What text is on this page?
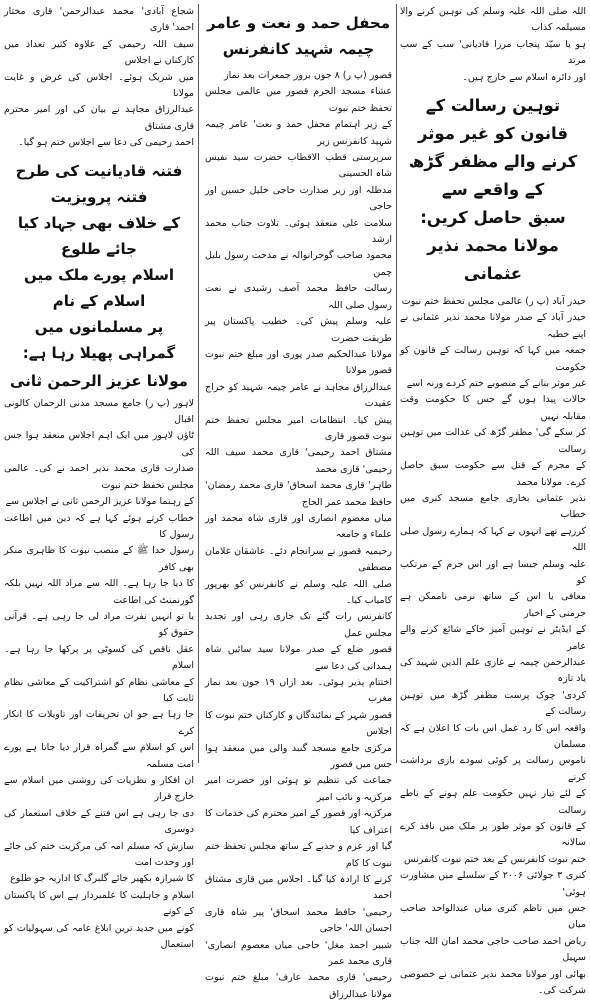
اللہ صلی اللہ علیہ وسلم کی توہین کرنے والا مسیلمہ کذاب
ہو یا سیّد پنجاب مرزا قادیانی' سب کے سب مرتد
اور دائرہ اسلام سے خارج ہیں۔

توہین رسالت کے قانون کو غیر موثر
کرنے والے مظفر گڑھ کے واقعے سے
سبق حاصل کریں: مولانا محمد نذیر عثمانی

حیدر آباد (پ ر) عالمی مجلس تحفظ ختم نبوت
حیدر آباد کے صدر مولانا محمد نذیر عثمانی نے اپنے خطبہ
جمعہ میں کہا کہ توہین رسالت کے قانون کو حکومت
غیر موثر بنانے کے منصوبے ختم کردے ورنہ اسے
حالات پیدا ہوں گے جس کا حکومت وقت مقابلہ نہیں
کر سکے گی' مظفر گڑھ کی عدالت میں توہین رسالت
کے مجرم کے قتل سے حکومت سبق حاصل کرے۔ مولانا محمد
نذیر عثمانی بخاری جامع مسجد کنری میں خطاب
کررہے تھے انہوں نے کہا کہ ہمارے رسول صلی اللہ
علیہ وسلم جیسا ہے اور اس جرم کے مرتکب کو
معافی یا اس کے ساتھ نرمی ناممکن ہے جرمنی کے اخبار
کے ایڈیٹر نے توہین آمیز خاکے شائع کرنے والے عامر
عبدالرحمن چیمہ نے غازی علم الدین شہید کی یاد تازہ
کردی' چوک پرست مظفر گڑھ میں توہین رسالت کے
واقعہ اس کا رد عمل اس بات کا اعلان ہے کہ مسلمان
ناموس رسالت پر کوئی سودے بازی برداشت کرنے
کے لئے تیار نہیں حکومت علم ہونے کے ناطے رسالت
کے قانون کو موثر طور پر ملک میں نافذ کرے سالانہ
ختم نبوت کانفرنس کے بعد ختم نبوت کانفرنس
کنری ۳ جولائی ۲۰۰۶ کے سلسلے میں مشاورت ہوئی'
جس میں ناظم کنری میاں عبدالواحد صاحب میاں
ریاض احمد صاحب حاجی محمد امان اللہ جناب سہیل
بھائی اور مولانا محمد نذیر عثمانی نے خصوصی شرکت کی۔

محفل حمد و نعت و عامر چیمہ شہید کانفرنس

قصور (پ ر) ۸ جون بروز جمعرات بعد نماز
عشاء مسجد الحرم قصور میں عالمی مجلس تحفظ ختم نبوت
کے زیر اہتمام محفل حمد و نعت' عامر چیمہ شہید کانفرنس زیر
سرپرستی قطب الاقطاب حضرت سید نفیس شاہ الحسینی
مدظلہ اور زیر صدارت حاجی خلیل حسین اور حاجی
سلامت علی منعقد ہوئی۔ تلاوت جناب محمد ارشد
محمود صاحب گوجرانوالہ نے مدحت رسول بلبل چمن
رسالت حافظ محمد آصف رشیدی نے نعت رسول صلی اللہ
علیہ وسلم پیش کی۔ خطیب پاکستان پیر طریقت حضرت
مولانا عبدالحکیم صدر پوری اور مبلغ ختم نبوت قصور مولانا
عبدالرزاق مجاہد نے عامر چیمہ شہید کو خراج عقیدت
پیش کیا۔ انتظامات امیر مجلس تحفظ ختم نبوت قصور قاری
مشتاق احمد رحیمی' قاری محمد سیف اللہ رحیمی' قاری محمد
طاہر' قاری محمد اسحاق' قاری محمد رمضان' حافظ محمد عمر الحاج
میاں معصوم انصاری اور قاری شاہ محمد اور علماء و جامعہ
رحیمیہ قصور نے سرانجام دئے۔ عاشقان غلامان مصطفی
صلی اللہ علیہ وسلم نے کانفرنس کو بھرپور کامیاب کیا۔
کانفرنس رات گئے تک جاری رہی اور تجدید مجلس عمل
قصور ضلع کے صدر مولانا سید سائیں شاہ ہمدانی کی دعا سے
اختتام پذیر ہوئی۔ بعد ازاں ۱۹ جون بعد نماز مغرب
قصور شہر کے نمائندگان و کارکنان ختم نبوت کا اجلاس
مرکزی جامع مسجد گنبد والی میں منعقد ہوا جس میں قصور
جماعت کی تنظیم نو ہوئی اور حضرت امیر مرکزیہ و نائب امیر
مرکزیہ اور قصور کے امیر محترم کی خدمات کا اعتراف کیا
گیا اور عزم و جذبے کے ساتھ مجلس تحفظ ختم نبوت کا کام
کرنے کا ارادہ کیا گیا۔ اجلاس میں قاری مشتاق احمد
رحیمی' حافظ محمد اسحاق' پیر شاہ قاری احسان اللہ' حاجی
شبیر احمد مغل' حاجی میاں معصوم انصاری' قاری محمد عمر
رحیمی' قاری محمد عارف' مبلغ ختم نبوت مولانا عبدالرزاق

شجاع آبادی' محمد عبدالرحمن' قاری مختار احمد' قاری
سیف اللہ رحیمی کے علاوہ کثیر تعداد میں کارکنان نے اجلاس
میں شریک ہوئے۔ اجلاس کی غرض و غایت مولانا
عبدالرزاق مجاہد نے بیان کی اور امیر محترم قاری مشتاق
احمد رحیمی کی دعا سے اجلاس ختم ہو گیا۔

فتنہ قادیانیت کی طرح فتنہ پرویزیت
کے خلاف بھی جہاد کیا جائے طلوع
اسلام پورے ملک میں اسلام کے نام
پر مسلمانوں میں گمراہی پھیلا رہا ہے:
مولانا عزیز الرحمن ثانی

لاہور (پ ر) جامع مسجد مدنی الرحمان کالونی اقبال
ٹاؤن لاہور میں ایک اہم اجلاس منعقد ہوا جس کی
صدارت قاری محمد نذیر احمد نے کی۔ عالمی مجلس تحفظ ختم نبوت
کے رہنما مولانا عزیز الرحمن ثانی نے اجلاس سے
خطاب کرتے ہوئے کہا ہے کہ دین میں اطاعت رسول کا
رسول خدا ﷺ کے منصب نبوت کا ظاہری منکر بھی کافر
کا دیا جا رہا ہے۔ اللہ سے مراد اللہ نہیں بلکہ گورنمنٹ کی اطاعت
یا تو انہیں نفرت مراد لی جا رہی ہے۔ قرآنی حقوق کو
عقل ناقص کی کسوٹی پر پرکھا جا رہا ہے۔ اسلام
کے معاشی نظام کو اشتراکیت کے معاشی نظام ثابت کیا
جا رہا ہے جو ان تحریفات اور تاویلات کا انکار کرے
اس کو اسلام سے گمراہ قرار دیا جاتا ہے پورے امت مسلمہ
ان افکار و نظریات کی روشنی میں اسلام سے خارج قرار
دی جا رہی ہے اس فتنے کے خلاف استعمار کی دوسری
سازش کہ مسلم امہ کی مرکزیت ختم کی جائے اور وحدت امت
کا شیرازہ بکھیر جائے گلبرگ کا اداریہ جو طلوع
اسلام و جاہلیت کا علمبردار ہے اس کا پاکستان کے کونے
کونے میں جدید ترین ابلاغ عامہ کی سہولیات کو استعمال
